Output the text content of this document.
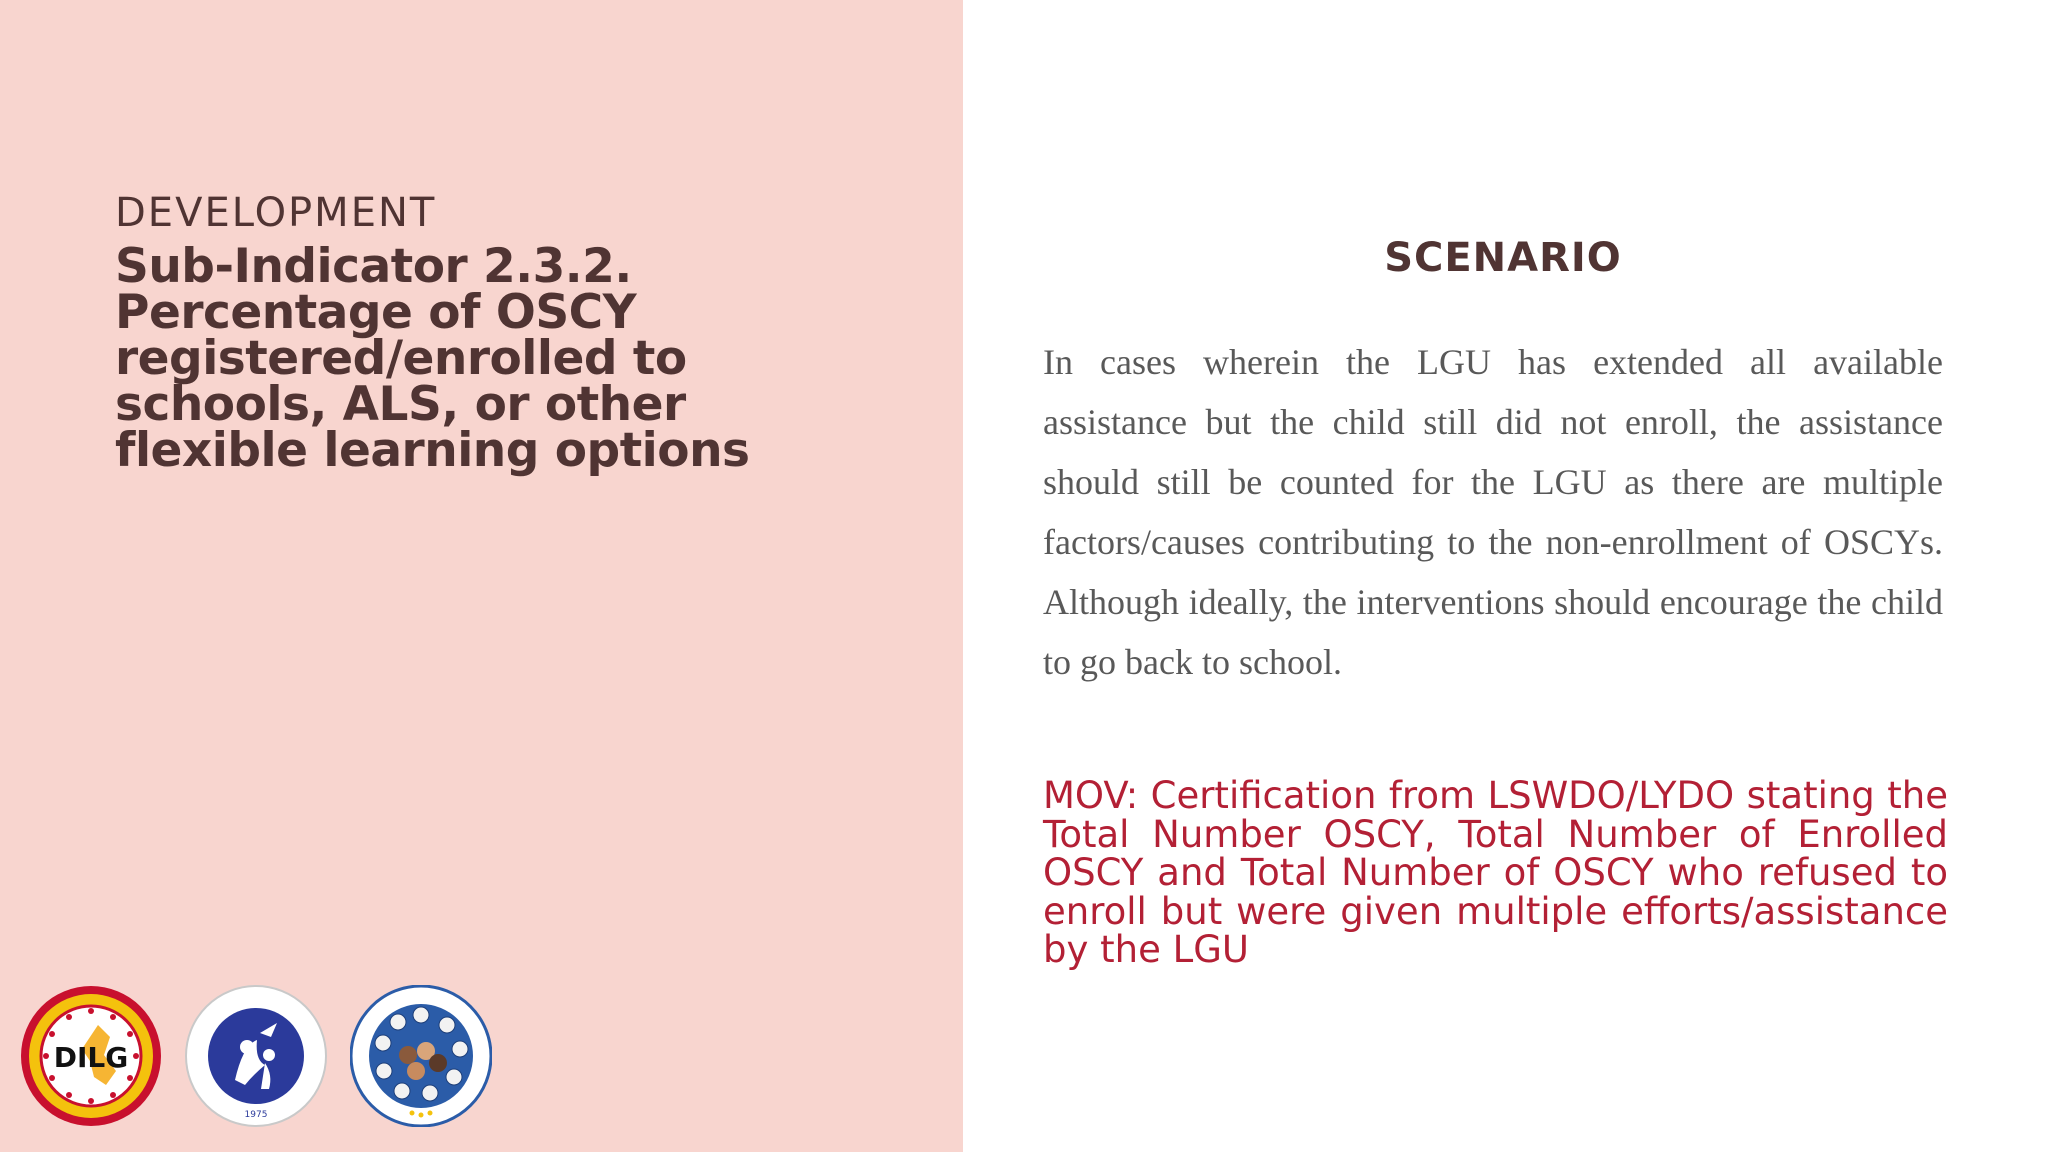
DEVELOPMENT
Sub-Indicator 2.3.2.
Percentage of OSCY
registered/enrolled to
schools, ALS, or other
flexible learning options
DILG
1975
SCENARIO
In cases wherein the LGU has extended all available assistance but the child still did not enroll, the assistance should still be counted for the LGU as there are multiple factors/causes contributing to the non-enrollment of OSCYs. Although ideally, the interventions should encourage the child to go back to school.
MOV: Certification from LSWDO/LYDO stating the Total Number OSCY, Total Number of Enrolled OSCY and Total Number of OSCY who refused to enroll but were given multiple efforts/assistance by the LGU
